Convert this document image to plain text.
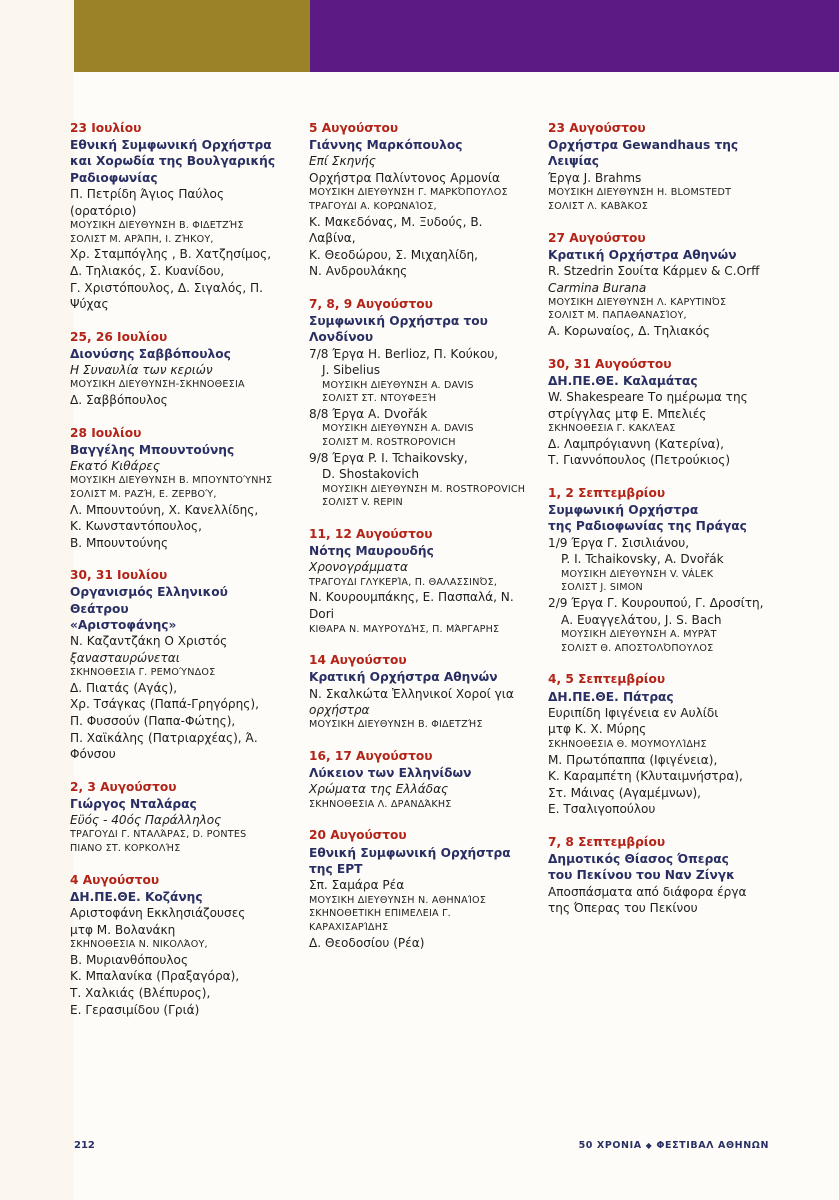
23 Ιουλίου
Εθνική Συμφωνική Ορχήστρα
και Χορωδία της Βουλγαρικής
Ραδιοφωνίας
Π. Πετρίδη Άγιος Παύλος (ορατόριο)
ΜΟΥΣΙΚΗ ΔΙΕΥΘΥΝΣΗ Β. ΦΙΔΕΤΖΉΣ
ΣΟΛΙΣΤ Μ. ΑΡΆΠΗ, Ι. ΖΉΚΟΥ,
Χρ. Σταμπόγλης , Β. Χατζησίμος,
Δ. Τηλιακός, Σ. Κυανίδου,
Γ. Χριστόπουλος, Δ. Σιγαλός, Π. Ψύχας
25, 26 Ιουλίου
Διονύσης Σαββόπουλος
Η Συναυλία των κεριών
ΜΟΥΣΙΚΗ ΔΙΕΥΘΥΝΣΗ-ΣΚΗΝΟΘΕΣΙΑ
Δ. Σαββόπουλος
28 Ιουλίου
Βαγγέλης Μπουντούνης
Εκατό Κιθάρες
ΜΟΥΣΙΚΗ ΔΙΕΥΘΥΝΣΗ Β. ΜΠΟΥΝΤΟΎΝΗΣ
ΣΟΛΙΣΤ Μ. ΡΑΖΉ, Ε. ΖΕΡΒΟΎ,
Λ. Μπουντούνη, Χ. Κανελλίδης,
Κ. Κωνσταντόπουλος,
Β. Μπουντούνης
30, 31 Ιουλίου
Οργανισμός Ελληνικού Θεάτρου
«Αριστοφάνης»
Ν. Καζαντζάκη Ο Χριστός
ξανασταυρώνεται
ΣΚΗΝΟΘΕΣΙΑ Γ. ΡΕΜΟΎΝΔΟΣ
Δ. Πιατάς (Αγάς),
Χρ. Τσάγκας (Παπά-Γρηγόρης),
Π. Φυσσούν (Παπα-Φώτης),
Π. Χαϊκάλης (Πατριαρχέας), Ά. Φόνσου
2, 3 Αυγούστου
Γιώργος Νταλάρας
Εϋός - 40ός Παράλληλος
ΤΡΑΓΟΥΔΙ Γ. ΝΤΑΛΆΡΑΣ, D. PONTES
ΠΙΑΝΟ ΣΤ. ΚΟΡΚΟΛΉΣ
4 Αυγούστου
ΔΗ.ΠΕ.ΘΕ. Κοζάνης
Αριστοφάνη Εκκλησιάζουσες
μτφ Μ. Βολανάκη
ΣΚΗΝΟΘΕΣΙΑ Ν. ΝΙΚΟΛΆΟΥ,
Β. Μυριανθόπουλος
Κ. Μπαλανίκα (Πραξαγόρα),
Τ. Χαλκιάς (Βλέπυρος),
Ε. Γερασιμίδου (Γριά)
5 Αυγούστου
Γιάννης Μαρκόπουλος
Επί Σκηνής
Ορχήστρα Παλίντονος Αρμονία
ΜΟΥΣΙΚΗ ΔΙΕΥΘΥΝΣΗ Γ. ΜΑΡΚΌΠΟΥΛΟΣ
ΤΡΑΓΟΥΔΙ Α. ΚΟΡΩΝΑΊΟΣ,
Κ. Μακεδόνας, Μ. Ξυδούς, Β. Λαβίνα,
Κ. Θεοδώρου, Σ. Μιχαηλίδη,
Ν. Ανδρουλάκης
7, 8, 9 Αυγούστου
Συμφωνική Ορχήστρα του Λονδίνου
7/8 Έργα Η. Berlioz, Π. Κούκου,
J. Sibelius
ΜΟΥΣΙΚΗ ΔΙΕΥΘΥΝΣΗ A. DAVIS
ΣΟΛΙΣΤ ΣΤ. ΝΤΟΥΦΕΞΉ
8/8 Έργα Α. Dvořák
ΜΟΥΣΙΚΗ ΔΙΕΥΘΥΝΣΗ A. DAVIS
ΣΟΛΙΣΤ M. ROSTROPOVICH
9/8 Έργα P. I. Tchaikovsky,
D. Shostakovich
ΜΟΥΣΙΚΗ ΔΙΕΥΘΥΝΣΗ M. ROSTROPOVICH
ΣΟΛΙΣΤ V. REPIN
11, 12 Αυγούστου
Νότης Μαυρουδής
Χρονογράμματα
ΤΡΑΓΟΥΔΙ ΓΛΥΚΕΡΊΑ, Π. ΘΑΛΑΣΣΙΝΌΣ,
Ν. Κουρουμπάκης, Ε. Πασπαλά, N. Dori
ΚΙΘΑΡΑ Ν. ΜΑΥΡΟΥΔΉΣ, Π. ΜΆΡΓΑΡΗΣ
14 Αυγούστου
Κρατική Ορχήστρα Αθηνών
Ν. Σκαλκώτα Ἐλληνικοί Χοροί για
ορχήστρα
ΜΟΥΣΙΚΗ ΔΙΕΥΘΥΝΣΗ Β. ΦΙΔΕΤΖΉΣ
16, 17 Αυγούστου
Λύκειον των Ελληνίδων
Χρώματα της Ελλάδας
ΣΚΗΝΟΘΕΣΙΑ Λ. ΔΡΑΝΔΆΚΗΣ
20 Αυγούστου
Εθνική Συμφωνική Ορχήστρα
της ΕΡΤ
Σπ. Σαμάρα Ρέα
ΜΟΥΣΙΚΗ ΔΙΕΥΘΥΝΣΗ Ν. ΑΘΗΝΑΊΟΣ
ΣΚΗΝΟΘΕΤΙΚΗ ΕΠΙΜΕΛΕΙΑ Γ. ΚΑΡΑΧΙΣΑΡΊΔΗΣ
Δ. Θεοδοσίου (Ρέα)
23 Αυγούστου
Ορχήστρα Gewandhaus της Λειψίας
Έργα J. Brahms
ΜΟΥΣΙΚΗ ΔΙΕΥΘΥΝΣΗ H. BLOMSTEDT
ΣΟΛΙΣΤ Λ. ΚΑΒΆΚΟΣ
27 Αυγούστου
Κρατική Ορχήστρα Αθηνών
R. Stzedrin Σουίτα Κάρμεν & C.Orff
Carmina Burana
ΜΟΥΣΙΚΗ ΔΙΕΥΘΥΝΣΗ Λ. ΚΑΡΥΤΙΝΌΣ
ΣΟΛΙΣΤ Μ. ΠΑΠΑΘΑΝΑΣΊΟΥ,
Α. Κορωναίος, Δ. Τηλιακός
30, 31 Αυγούστου
ΔΗ.ΠΕ.ΘΕ. Καλαμάτας
W. Shakespeare Το ημέρωμα της
στρίγγλας μτφ Ε. Μπελιές
ΣΚΗΝΟΘΕΣΙΑ Γ. ΚΑΚΛΈΑΣ
Δ. Λαμπρόγιαννη (Κατερίνα),
Τ. Γιαννόπουλος (Πετρούκιος)
1, 2 Σεπτεμβρίου
Συμφωνική Ορχήστρα
της Ραδιοφωνίας της Πράγας
1/9 Έργα Γ. Σισιλιάνου,
P. I. Tchaikovsky, A. Dvořák
ΜΟΥΣΙΚΗ ΔΙΕΥΘΥΝΣΗ V. VÁLEK
ΣΟΛΙΣΤ J. SIMON
2/9 Έργα Γ. Κουρουπού, Γ. Δροσίτη,
Α. Ευαγγελάτου, J. S. Bach
ΜΟΥΣΙΚΗ ΔΙΕΥΘΥΝΣΗ Α. ΜΥΡΆΤ
ΣΟΛΙΣΤ Θ. ΑΠΟΣΤΟΛΌΠΟΥΛΟΣ
4, 5 Σεπτεμβρίου
ΔΗ.ΠΕ.ΘΕ. Πάτρας
Ευριπίδη Ιφιγένεια εν Αυλίδι
μτφ Κ. Χ. Μύρης
ΣΚΗΝΟΘΕΣΙΑ Θ. ΜΟΥΜΟΥΛΊΔΗΣ
Μ. Πρωτόπαππα (Ιφιγένεια),
Κ. Καραμπέτη (Κλυταιμνήστρα),
Στ. Μάινας (Αγαμέμνων),
Ε. Τσαλιγοπούλου
7, 8 Σεπτεμβρίου
Δημοτικός Θίασος Όπερας
του Πεκίνου του Ναν Ζίνγκ
Αποσπάσματα από διάφορα έργα
της Όπερας του Πεκίνου
212	50 ΧΡΟΝΙΑ ◆ ΦΕΣΤΙΒΑΛ ΑΘΗΝΩΝ
